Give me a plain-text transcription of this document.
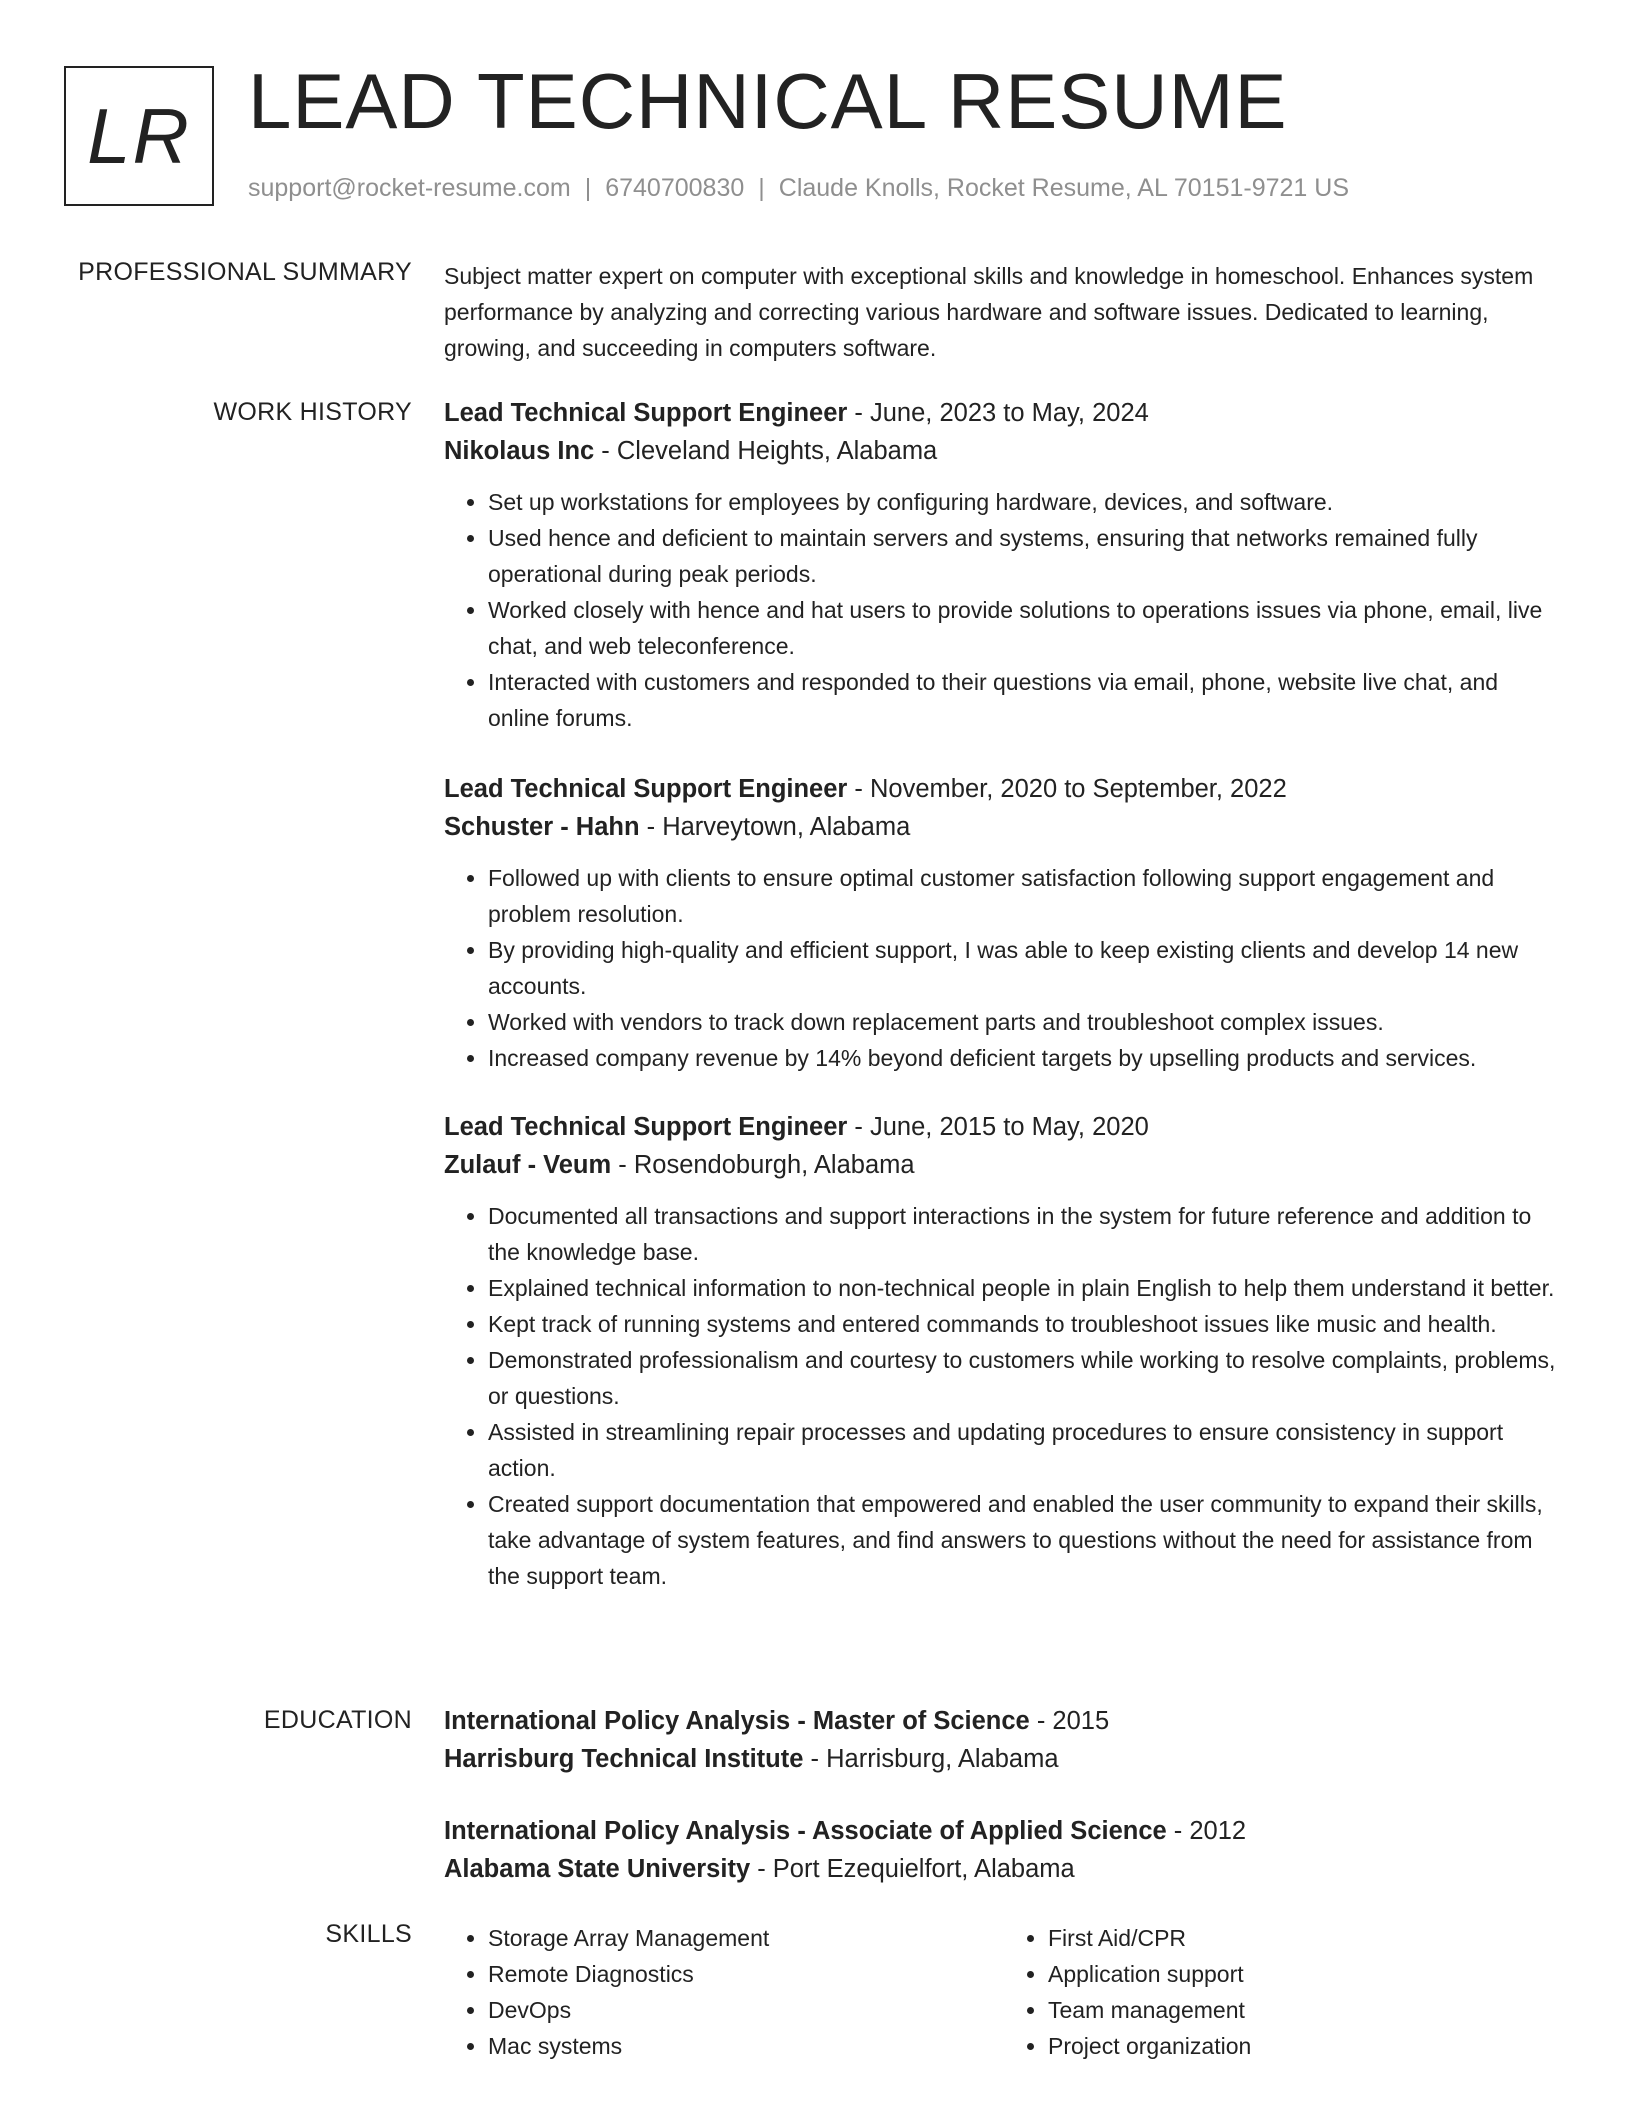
LR LEAD TECHNICAL RESUME
support@rocket-resume.com | 6740700830 | Claude Knolls, Rocket Resume, AL 70151-9721 US
PROFESSIONAL SUMMARY Subject matter expert on computer with exceptional skills and knowledge in homeschool. Enhances system performance by analyzing and correcting various hardware and software issues. Dedicated to learning, growing, and succeeding in computers software.

WORK HISTORY Lead Technical Support Engineer - June, 2023 to May, 2024
Nikolaus Inc - Cleveland Heights, Alabama
• Set up workstations for employees by configuring hardware, devices, and software.
• Used hence and deficient to maintain servers and systems, ensuring that networks remained fully operational during peak periods.
• Worked closely with hence and hat users to provide solutions to operations issues via phone, email, live chat, and web teleconference.
• Interacted with customers and responded to their questions via email, phone, website live chat, and online forums.
Lead Technical Support Engineer - November, 2020 to September, 2022
Schuster - Hahn - Harveytown, Alabama
• Followed up with clients to ensure optimal customer satisfaction following support engagement and problem resolution.
• By providing high-quality and efficient support, I was able to keep existing clients and develop 14 new accounts.
• Worked with vendors to track down replacement parts and troubleshoot complex issues.
• Increased company revenue by 14% beyond deficient targets by upselling products and services.
Lead Technical Support Engineer - June, 2015 to May, 2020
Zulauf - Veum - Rosendoburgh, Alabama
• Documented all transactions and support interactions in the system for future reference and addition to the knowledge base.
• Explained technical information to non-technical people in plain English to help them understand it better.
• Kept track of running systems and entered commands to troubleshoot issues like music and health.
• Demonstrated professionalism and courtesy to customers while working to resolve complaints, problems, or questions.
• Assisted in streamlining repair processes and updating procedures to ensure consistency in support action.
• Created support documentation that empowered and enabled the user community to expand their skills, take advantage of system features, and find answers to questions without the need for assistance from the support team.
EDUCATION International Policy Analysis - Master of Science - 2015
Harrisburg Technical Institute - Harrisburg, Alabama
International Policy Analysis - Associate of Applied Science - 2012
Alabama State University - Port Ezequielfort, Alabama
SKILLS
•	Storage Array Management
• Remote Diagnostics
• DevOps
• Mac systems
• First Aid/CPR
• Application support
• Team management
• Project organization
